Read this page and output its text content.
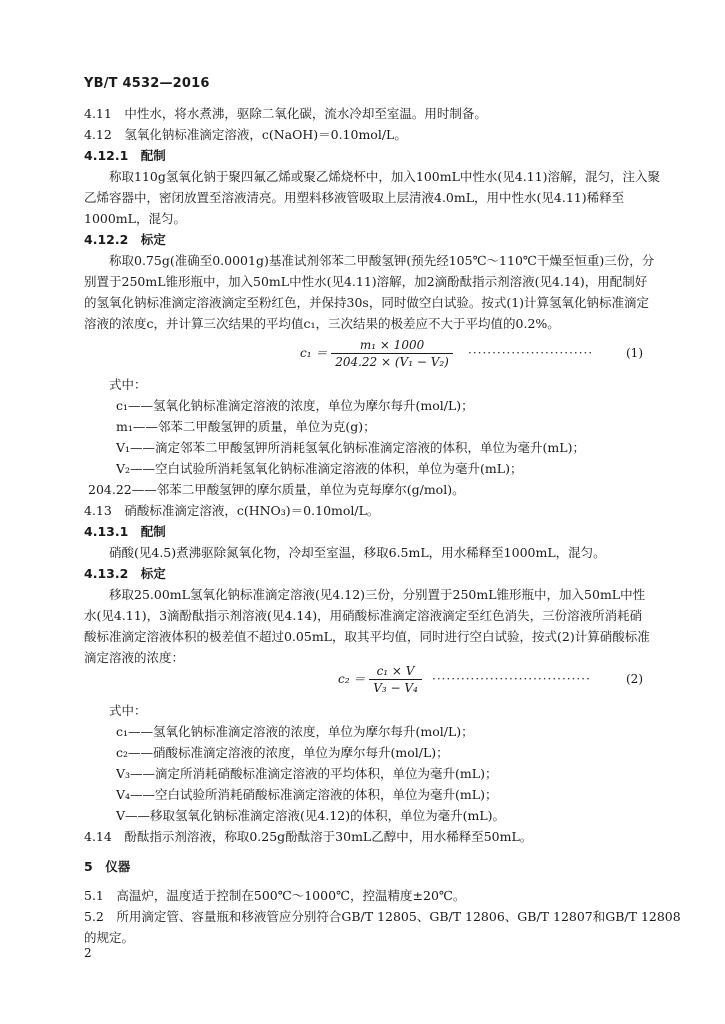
YB/T 4532—2016
4.11　中性水，将水煮沸，驱除二氧化碳，流水冷却至室温。用时制备。
4.12　氢氧化钠标准滴定溶液，c(NaOH)＝0.10mol/L。
4.12.1　配制
称取110g氢氧化钠于聚四氟乙烯或聚乙烯烧杯中，加入100mL中性水(见4.11)溶解，混匀，注入聚
乙烯容器中，密闭放置至溶液清亮。用塑料移液管吸取上层清液4.0mL，用中性水(见4.11)稀释至
1000mL，混匀。
4.12.2　标定
称取0.75g(准确至0.0001g)基准试剂邻苯二甲酸氢钾(预先经105℃～110℃干燥至恒重)三份，分
别置于250mL锥形瓶中，加入50mL中性水(见4.11)溶解，加2滴酚酞指示剂溶液(见4.14)，用配制好
的氢氧化钠标准滴定溶液滴定至粉红色，并保持30s，同时做空白试验。按式(1)计算氢氧化钠标准滴定
溶液的浓度c，并计算三次结果的平均值c₁，三次结果的极差应不大于平均值的0.2%。
$c_1 = \frac{\text{m₁ × 1000}}{\text{204.22 × (V₁ − V₂)}}$ ··························	(1)
式中：
c₁——氢氧化钠标准滴定溶液的浓度，单位为摩尔每升(mol/L)；
m₁——邻苯二甲酸氢钾的质量，单位为克(g)；
V₁——滴定邻苯二甲酸氢钾所消耗氢氧化钠标准滴定溶液的体积，单位为毫升(mL)；
V₂——空白试验所消耗氢氧化钠标准滴定溶液的体积，单位为毫升(mL)；
204.22——邻苯二甲酸氢钾的摩尔质量，单位为克每摩尔(g/mol)。
4.13　硝酸标准滴定溶液，c(HNO₃)＝0.10mol/L。
4.13.1　配制
硝酸(见4.5)煮沸驱除氮氧化物，冷却至室温，移取6.5mL，用水稀释至1000mL，混匀。
4.13.2　标定
移取25.00mL氢氧化钠标准滴定溶液(见4.12)三份，分别置于250mL锥形瓶中，加入50mL中性
水(见4.11)，3滴酚酞指示剂溶液(见4.14)，用硝酸标准滴定溶液滴定至红色消失，三份溶液所消耗硝
酸标准滴定溶液体积的极差值不超过0.05mL，取其平均值，同时进行空白试验，按式(2)计算硝酸标准
滴定溶液的浓度：
$c_2 = \frac{\text{c₁ × V}}{\text{V₃ − V₄}}$ ·································	(2)
式中：
c₁——氢氧化钠标准滴定溶液的浓度，单位为摩尔每升(mol/L)；
c₂——硝酸标准滴定溶液的浓度，单位为摩尔每升(mol/L)；
V₃——滴定所消耗硝酸标准滴定溶液的平均体积，单位为毫升(mL)；
V₄——空白试验所消耗硝酸标准滴定溶液的体积，单位为毫升(mL)；
V——移取氢氧化钠标准滴定溶液(见4.12)的体积，单位为毫升(mL)。
4.14　酚酞指示剂溶液，称取0.25g酚酞溶于30mL乙醇中，用水稀释至50mL。
5　仪器
5.1　高温炉，温度适于控制在500℃～1000℃，控温精度±20℃。
5.2　所用滴定管、容量瓶和移液管应分别符合GB/T 12805、GB/T 12806、GB/T 12807和GB/T 12808
的规定。
2
